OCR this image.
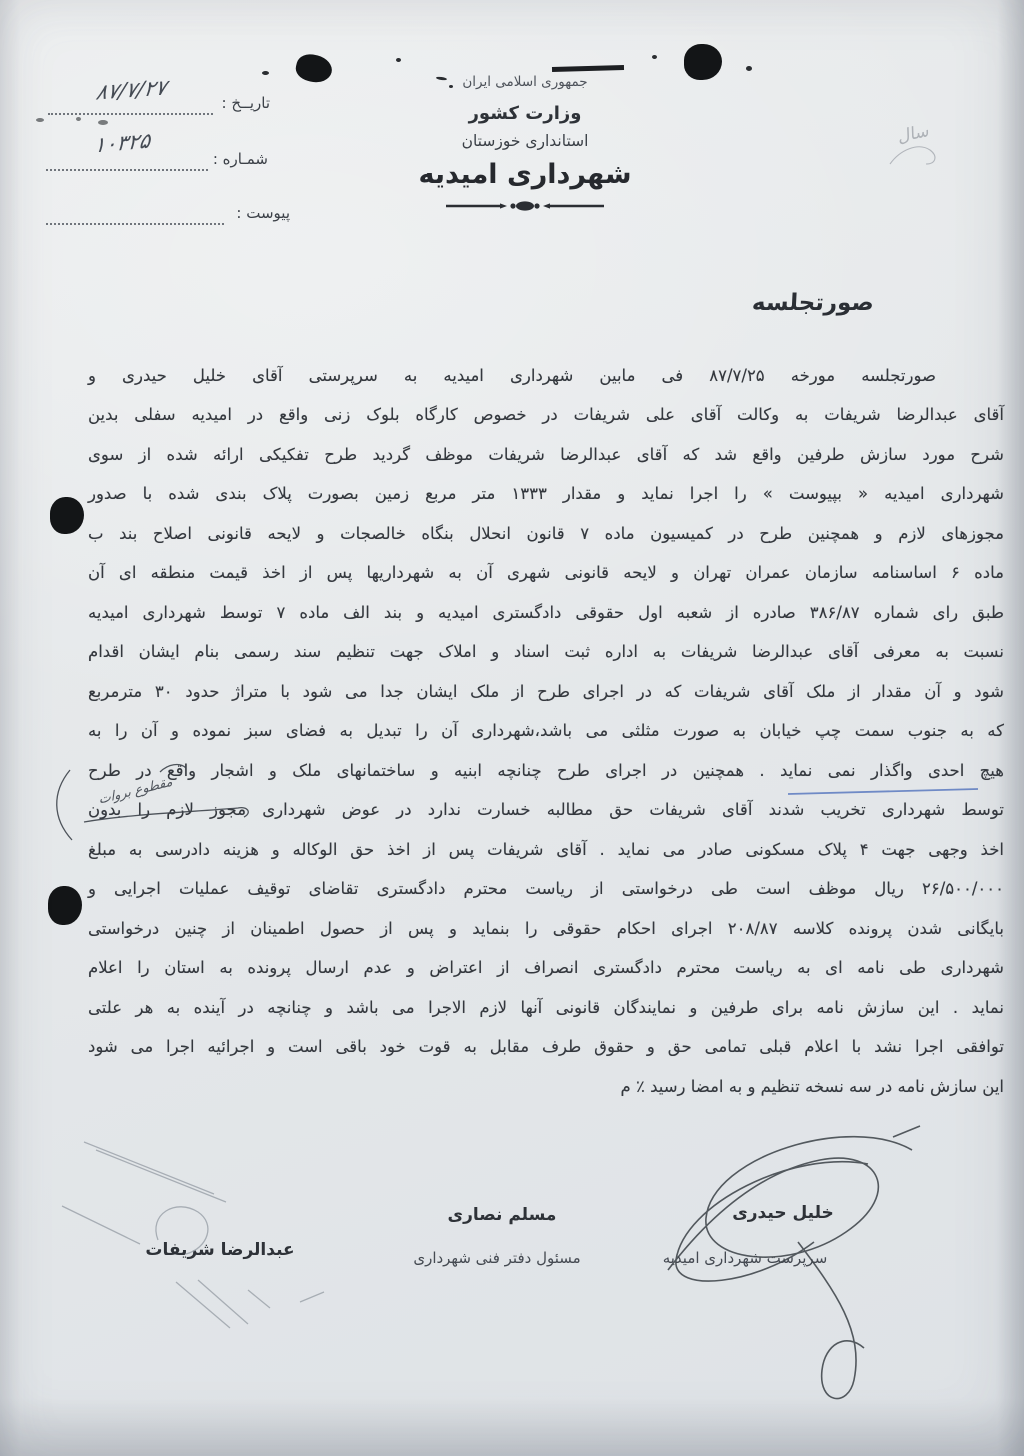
جمهوری اسلامی ایران
وزارت کشور
استانداری خوزستان
شهرداری امیدیه
تاریــخ :
شمـاره :
پیوست :
۸۷/۷/۲۷
۱۰۳۲۵	سال
صورتجلسه
صورتجلسه مورخه ۸۷/۷/۲۵ فی مابین شهرداری امیدیه به سرپرستی آقای خلیل حیدری و
آقای عبدالرضا شریفات به وکالت آقای علی شریفات در خصوص کارگاه بلوک زنی واقع در امیدیه سفلی بدین
شرح مورد سازش طرفین واقع شد که آقای عبدالرضا شریفات موظف گردید طرح تفکیکی ارائه شده از سوی
شهرداری امیدیه « بپیوست » را اجرا نماید و مقدار ۱۳۳۳ متر مربع زمین بصورت پلاک بندی شده با صدور
مجوزهای لازم و همچنین طرح در کمیسیون ماده ۷ قانون انحلال بنگاه خالصجات و لایحه قانونی اصلاح بند ب
ماده ۶ اساسنامه سازمان عمران تهران و لایحه قانونی شهری آن به شهرداریها پس از اخذ قیمت منطقه ای آن
طبق رای شماره ۳۸۶/۸۷ صادره از شعبه اول حقوقی دادگستری امیدیه و بند الف ماده ۷ توسط شهرداری امیدیه
نسبت به معرفی آقای عبدالرضا شریفات به اداره ثبت اسناد و املاک جهت تنظیم سند رسمی بنام ایشان اقدام
شود و آن مقدار از ملک آقای شریفات که در اجرای طرح از ملک ایشان جدا می شود با متراژ حدود ۳۰ مترمربع
که به جنوب سمت چپ خیابان به صورت مثلثی می باشد،شهرداری آن را تبدیل به فضای سبز نموده و آن را به
هیچ احدی واگذار نمی نماید . همچنین در اجرای طرح چنانچه ابنیه و ساختمانهای ملک و اشجار واقع در طرح
توسط شهرداری تخریب شدند آقای شریفات حق مطالبه خسارت ندارد در عوض شهرداری مجوز لازم را بدون
اخذ وجهی جهت ۴ پلاک مسکونی صادر می نماید . آقای شریفات پس از اخذ حق الوکاله و هزینه دادرسی به مبلغ
۲۶/۵۰۰/۰۰۰ ریال موظف است طی درخواستی از ریاست محترم دادگستری تقاضای توقیف عملیات اجرایی و
بایگانی شدن پرونده کلاسه ۲۰۸/۸۷ اجرای احکام حقوقی را بنماید و پس از حصول اطمینان از چنین درخواستی
شهرداری طی نامه ای به ریاست محترم دادگستری انصراف از اعتراض و عدم ارسال پرونده به استان را اعلام
نماید . این سازش نامه برای طرفین و نمایندگان قانونی آنها لازم الاجرا می باشد و چنانچه در آینده به هر علتی
توافقی اجرا نشد با اعلام قبلی تمامی حق و حقوق طرف مقابل به قوت خود باقی است و اجرائیه اجرا می شود
این سازش نامه در سه نسخه تنظیم و به امضا رسید ٪ م
مقطوع بروات
خلیل حیدری
سرپرست شهرداری امیدیه
مسلم نصاری
مسئول دفتر فنی شهرداری
عبدالرضا شریفات
